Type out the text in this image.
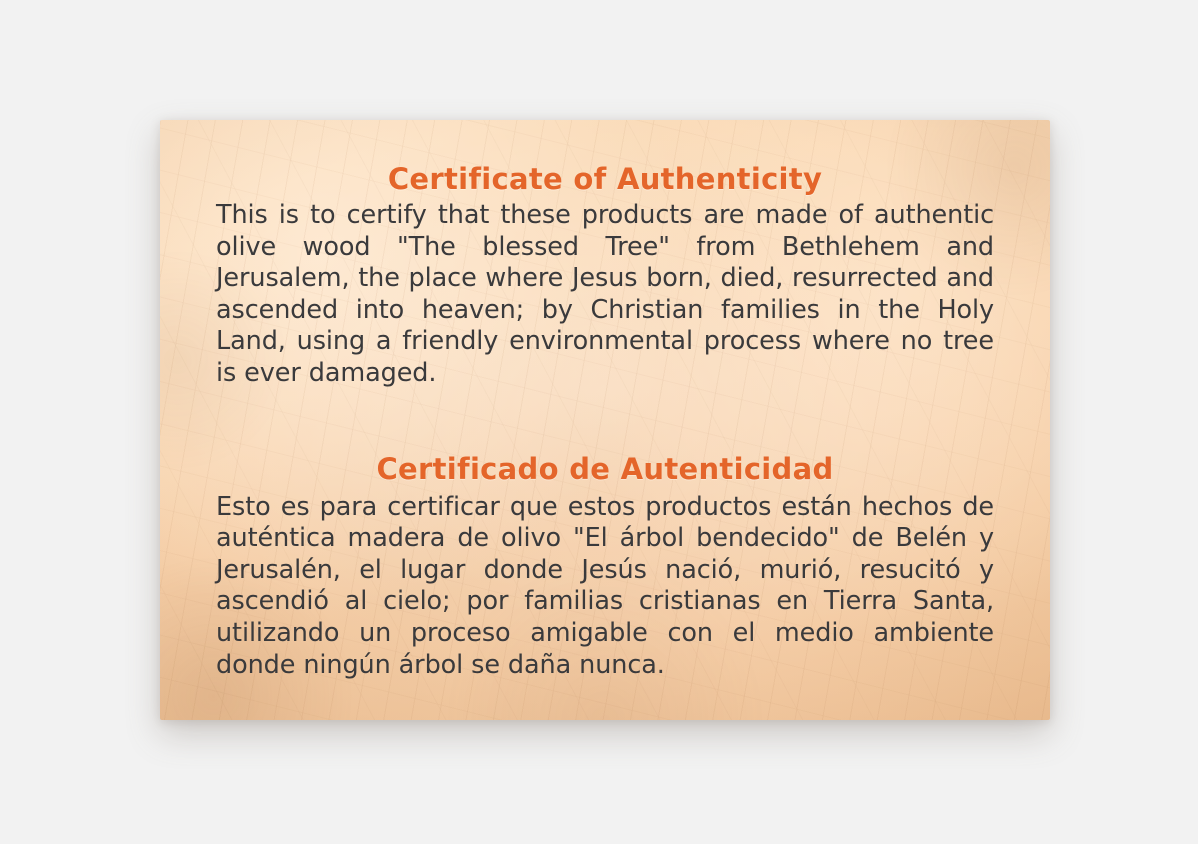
Certificate of Authenticity

This is to certify that these products are made of authentic olive wood "The blessed Tree" from Bethlehem and Jerusalem, the place where Jesus born, died, resurrected and ascended into heaven; by Christian families in the Holy Land, using a friendly environmental process where no tree is ever damaged.

Certificado de Autenticidad

Esto es para certificar que estos productos están hechos de auténtica madera de olivo "El árbol bendecido" de Belén y Jerusalén, el lugar donde Jesús nació, murió, resucitó y ascendió al cielo; por familias cristianas en Tierra Santa, utilizando un proceso amigable con el medio ambiente donde ningún árbol se daña nunca.
